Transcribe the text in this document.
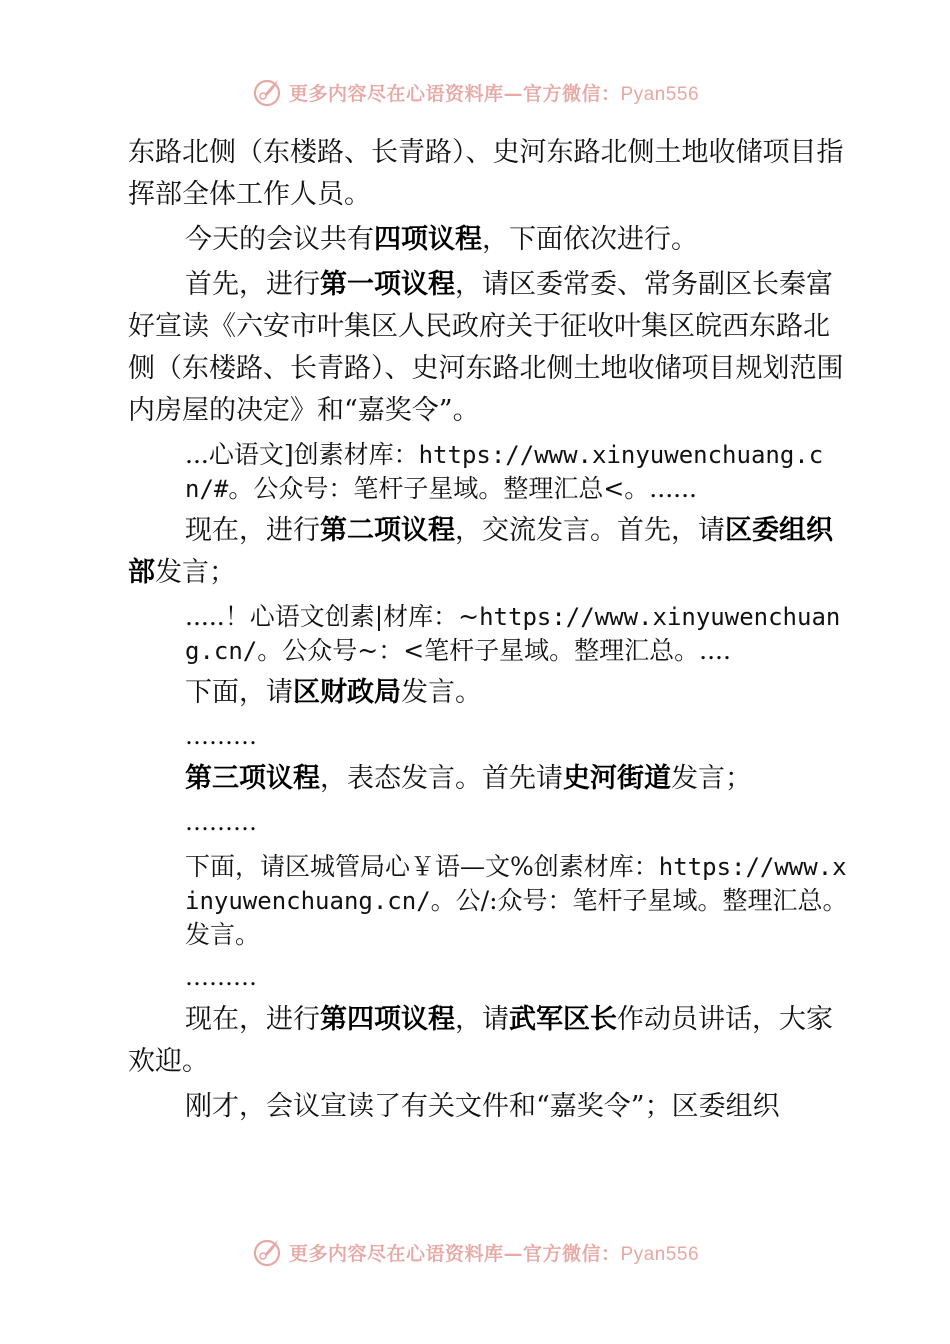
更多内容尽在心语资料库—官方微信：Pyan556

东路北侧（东楼路、长青路）、史河东路北侧土地收储项目指挥部全体工作人员。

今天的会议共有四项议程，下面依次进行。

首先，进行第一项议程，请区委常委、常务副区长秦富好宣读《六安市叶集区人民政府关于征收叶集区皖西东路北侧（东楼路、长青路）、史河东路北侧土地收储项目规划范围内房屋的决定》和“嘉奖令”。

...心语文]创素材库：https://www.xinyuwenchuang.cn/#。公众号：笔杆子星域。整理汇总<。......

现在，进行第二项议程，交流发言。首先，请区委组织部发言；

.....！心语文创素|材库：~https://www.xinyuwenchuang.cn/。公众号~：<笔杆子星域。整理汇总。....

下面，请区财政局发言。

………

第三项议程，表态发言。首先请史河街道发言；

………

下面，请区城管局心￥语—文%创素材库：https://www.xinyuwenchuang.cn/。公/:众号：笔杆子星域。整理汇总。发言。

………

现在，进行第四项议程，请武军区长作动员讲话，大家欢迎。

刚才，会议宣读了有关文件和“嘉奖令”；区委组织

更多内容尽在心语资料库—官方微信：Pyan556
